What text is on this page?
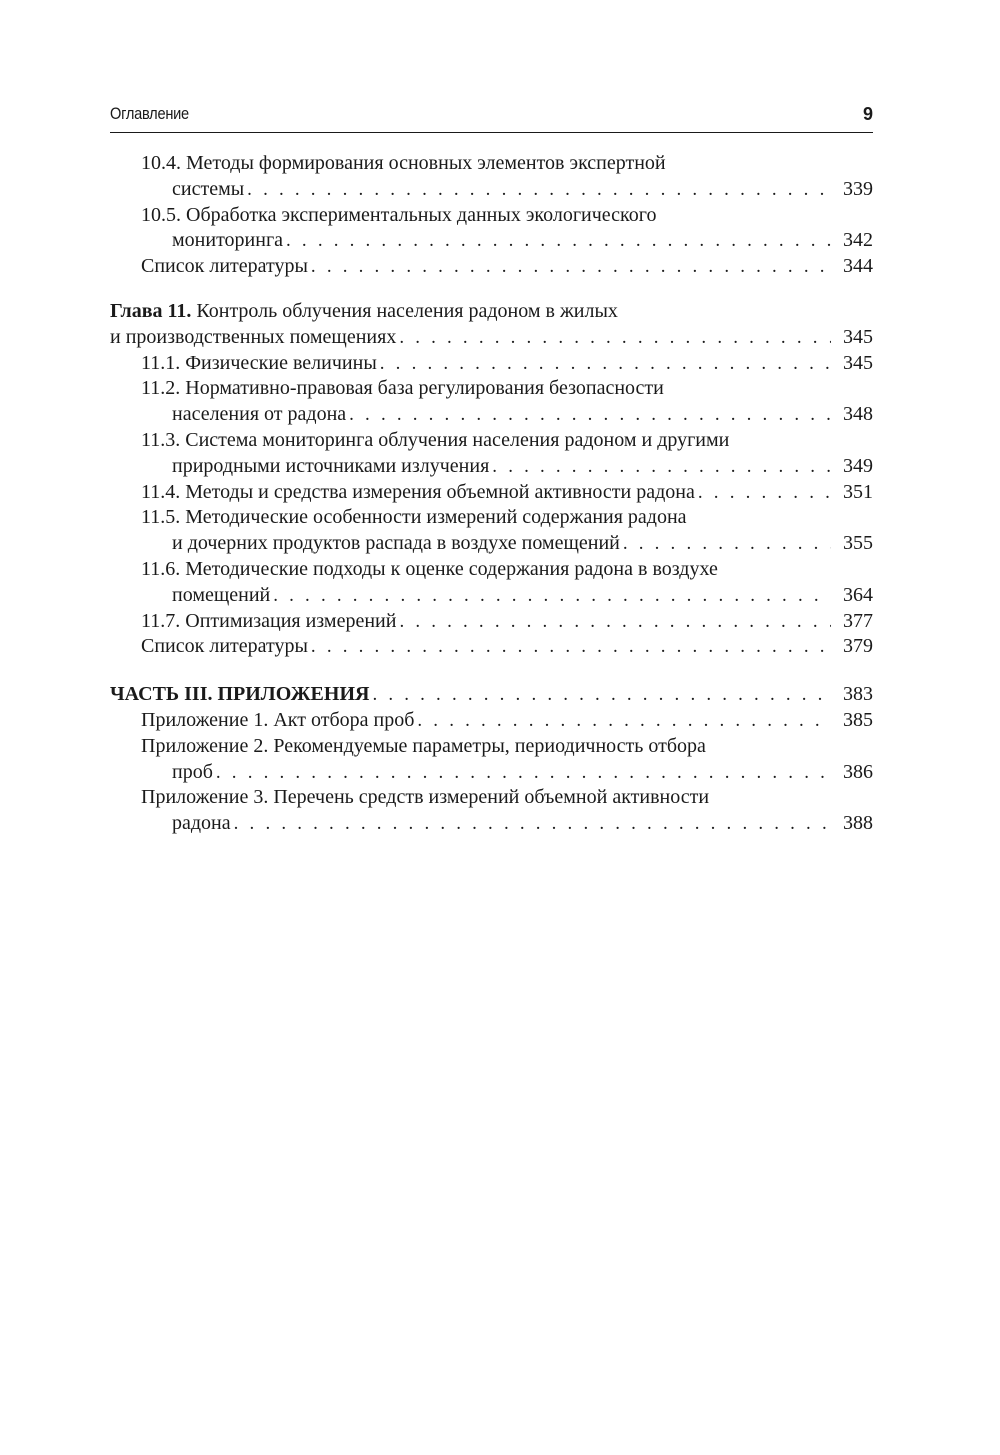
Оглавление	9
10.4. Методы формирования основных элементов экспертной
системы . . .	339
10.5. Обработка экспериментальных данных экологического
мониторинга . . .	342
Список литературы . . .	344
Глава 11. Контроль облучения населения радоном в жилых
и производственных помещениях . . .	345
11.1. Физические величины . . .	345
11.2. Нормативно-правовая база регулирования безопасности
населения от радона . . .	348
11.3. Система мониторинга облучения населения радоном и другими
природными источниками излучения . . .	349
11.4. Методы и средства измерения объемной активности радона . . .	351
11.5. Методические особенности измерений содержания радона
и дочерних продуктов распада в воздухе помещений . . .	355
11.6. Методические подходы к оценке содержания радона в воздухе
помещений . . .	364
11.7. Оптимизация измерений . . .	377
Список литературы . . .	379
ЧАСТЬ III. ПРИЛОЖЕНИЯ . . .	383
Приложение 1. Акт отбора проб . . .	385
Приложение 2. Рекомендуемые параметры, периодичность отбора
проб . . .	386
Приложение 3. Перечень средств измерений объемной активности
радона . . .	388
